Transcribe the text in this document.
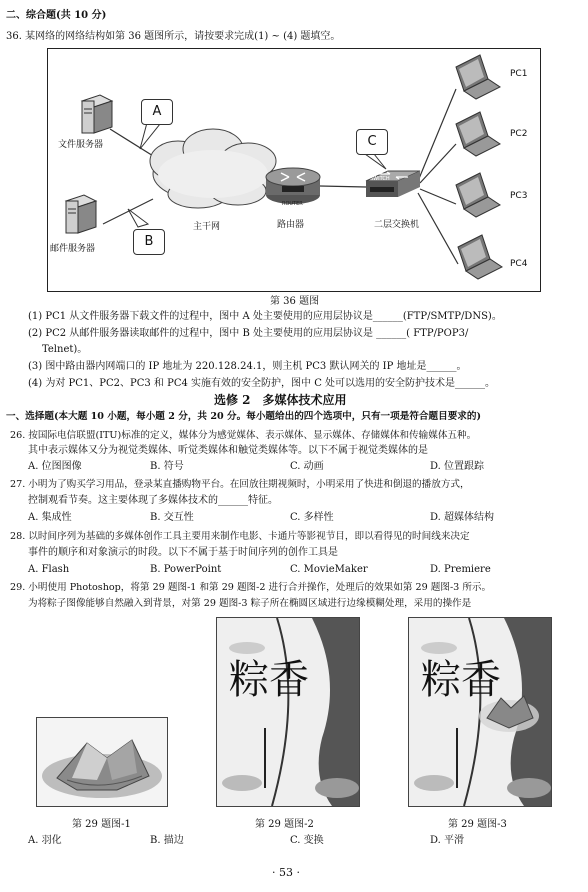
二、综合题(共 10 分)
36. 某网络的网络结构如第 36 题图所示，请按要求完成(1) ~ (4) 题填空。
A
B
C
文件服务器
邮件服务器
主干网	路由器
ROUTER
二层交换机
SWITCH
PC1
PC2
PC3
PC4
第 36 题图
(1) PC1 从文件服务器下载文件的过程中，图中 A 处主要使用的应用层协议是______(FTP/SMTP/DNS)。
(2) PC2 从邮件服务器读取邮件的过程中，图中 B 处主要使用的应用层协议是 ______( FTP/POP3/
Telnet)。
(3) 图中路由器内网端口的 IP 地址为 220.128.24.1，则主机 PC3 默认网关的 IP 地址是______。
(4) 为对 PC1、PC2、PC3 和 PC4 实施有效的安全防护，图中 C 处可以选用的安全防护技术是______。
选修 2　多媒体技术应用
一、选择题(本大题 10 小题，每小题 2 分，共 20 分。每小题给出的四个选项中，只有一项是符合题目要求的)
26. 按国际电信联盟(ITU)标准的定义，媒体分为感觉媒体、表示媒体、显示媒体、存储媒体和传输媒体五种。
其中表示媒体又分为视觉类媒体、听觉类媒体和触觉类媒体等。以下不属于视觉类媒体的是
A. 位图图像	B. 符号	C. 动画	D. 位置跟踪
27. 小明为了购买学习用品，登录某直播购物平台。在回放往期视频时，小明采用了快进和倒退的播放方式，
控制观看节奏。这主要体现了多媒体技术的______特征。
A. 集成性	B. 交互性	C. 多样性	D. 超媒体结构
28. 以时间序列为基础的多媒体创作工具主要用来制作电影、卡通片等影视节目，即以看得见的时间线来决定
事件的顺序和对象演示的时段。以下不属于基于时间序列的创作工具是
A. Flash	B. PowerPoint	C. MovieMaker	D. Premiere
29. 小明使用 Photoshop，将第 29 题图-1 和第 29 题图-2 进行合并操作，处理后的效果如第 29 题图-3 所示。
为将粽子图像能够自然融入到背景，对第 29 题图-3 粽子所在椭圆区域进行边缘模糊处理，采用的操作是
粽香	粽香
第 29 题图-1	第 29 题图-2	第 29 题图-3
A. 羽化	B. 描边	C. 变换	D. 平滑
· 53 ·
